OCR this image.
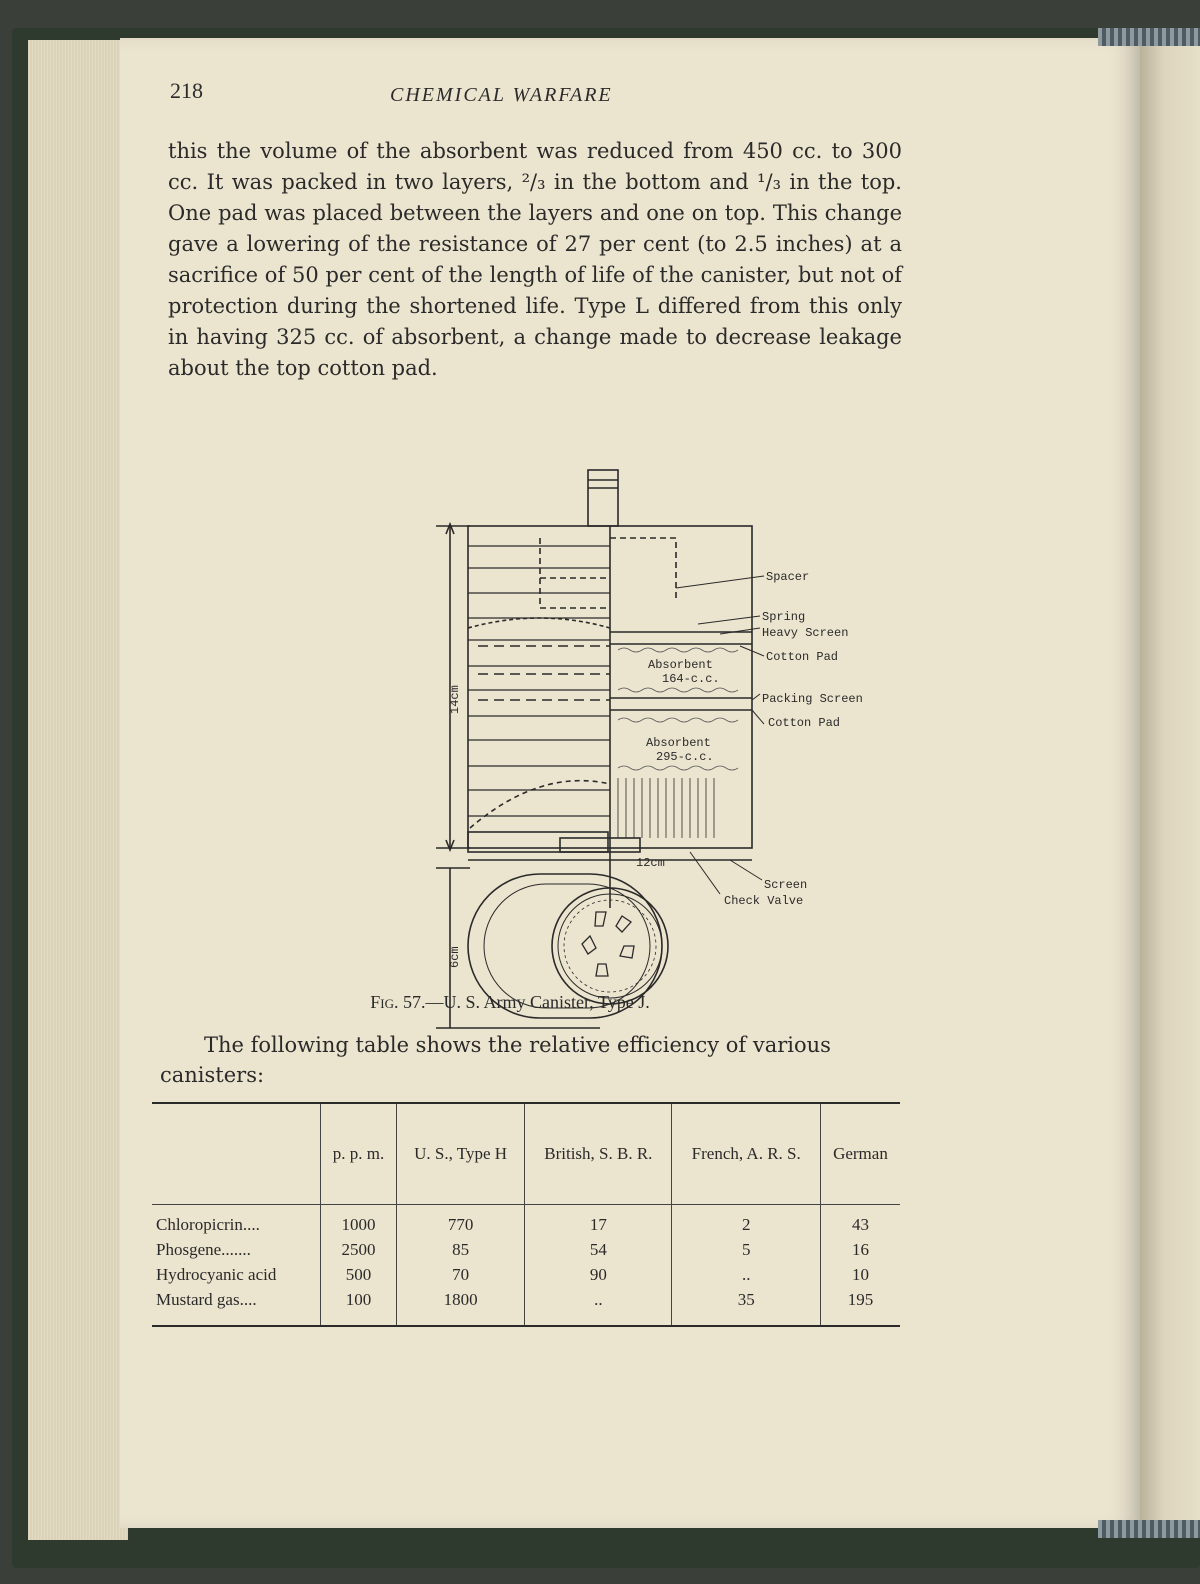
218	CHEMICAL WARFARE
this the volume of the absorbent was reduced from 450 cc. to 300 cc. It was packed in two layers, ²/₃ in the bottom and ¹/₃ in the top. One pad was placed between the layers and one on top. This change gave a lowering of the resistance of 27 per cent (to 2.5 inches) at a sacrifice of 50 per cent of the length of life of the canister, but not of protection during the shortened life. Type L differed from this only in having 325 cc. of absorbent, a change made to decrease leakage about the top cotton pad.
Spacer
Spring
Heavy Screen
Cotton Pad
Absorbent
164-c.c.
Packing Screen
Cotton Pad
Absorbent
295-c.c.
Screen
Check Valve
12cm
14cm
6cm
Fig. 57.—U. S. Army Canister, Type J.
The following table shows the relative efficiency of various canisters:
	p. p. m.	U. S., Type H	British, S. B. R.	French, A. R. S.	German
Chloropicrin....	1000	770	17	2	43
Phosgene.......	2500	85	54	5	16
Hydrocyanic acid	500	70	90	..	10
Mustard gas....	100	1800	..	35	195
